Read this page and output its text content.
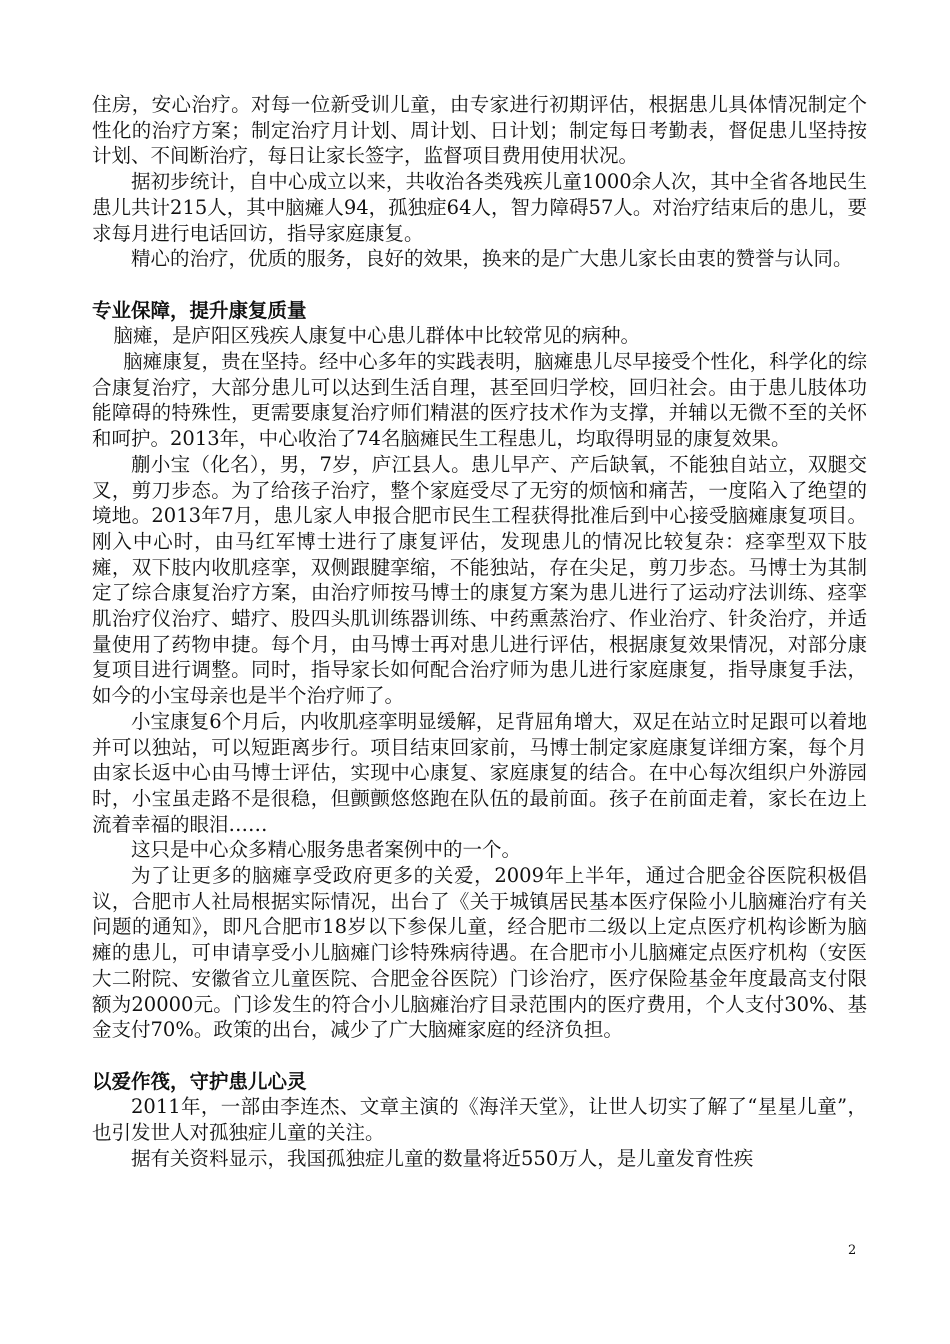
住房，安心治疗。对每一位新受训儿童，由专家进行初期评估，根据患儿具体情况制定个性化的治疗方案；制定治疗月计划、周计划、日计划；制定每日考勤表，督促患儿坚持按计划、不间断治疗，每日让家长签字，监督项目费用使用状况。

据初步统计，自中心成立以来，共收治各类残疾儿童1000余人次，其中全省各地民生患儿共计215人，其中脑瘫人94，孤独症64人，智力障碍57人。对治疗结束后的患儿，要求每月进行电话回访，指导家庭康复。

精心的治疗，优质的服务，良好的效果，换来的是广大患儿家长由衷的赞誉与认同。

专业保障，提升康复质量

脑瘫，是庐阳区残疾人康复中心患儿群体中比较常见的病种。

脑瘫康复，贵在坚持。经中心多年的实践表明，脑瘫患儿尽早接受个性化，科学化的综合康复治疗，大部分患儿可以达到生活自理，甚至回归学校，回归社会。由于患儿肢体功能障碍的特殊性，更需要康复治疗师们精湛的医疗技术作为支撑，并辅以无微不至的关怀和呵护。2013年，中心收治了74名脑瘫民生工程患儿，均取得明显的康复效果。

蒯小宝（化名），男，7岁，庐江县人。患儿早产、产后缺氧，不能独自站立，双腿交叉，剪刀步态。为了给孩子治疗，整个家庭受尽了无穷的烦恼和痛苦，一度陷入了绝望的境地。2013年7月，患儿家人申报合肥市民生工程获得批准后到中心接受脑瘫康复项目。刚入中心时，由马红军博士进行了康复评估，发现患儿的情况比较复杂：痉挛型双下肢瘫，双下肢内收肌痉挛，双侧跟腱挛缩，不能独站，存在尖足，剪刀步态。马博士为其制定了综合康复治疗方案，由治疗师按马博士的康复方案为患儿进行了运动疗法训练、痉挛肌治疗仪治疗、蜡疗、股四头肌训练器训练、中药熏蒸治疗、作业治疗、针灸治疗，并适量使用了药物申捷。每个月，由马博士再对患儿进行评估，根据康复效果情况，对部分康复项目进行调整。同时，指导家长如何配合治疗师为患儿进行家庭康复，指导康复手法，如今的小宝母亲也是半个治疗师了。

小宝康复6个月后，内收肌痉挛明显缓解，足背屈角增大，双足在站立时足跟可以着地并可以独站，可以短距离步行。项目结束回家前，马博士制定家庭康复详细方案，每个月由家长返中心由马博士评估，实现中心康复、家庭康复的结合。在中心每次组织户外游园时，小宝虽走路不是很稳，但颤颤悠悠跑在队伍的最前面。孩子在前面走着，家长在边上流着幸福的眼泪……

这只是中心众多精心服务患者案例中的一个。

为了让更多的脑瘫享受政府更多的关爱，2009年上半年，通过合肥金谷医院积极倡议，合肥市人社局根据实际情况，出台了《关于城镇居民基本医疗保险小儿脑瘫治疗有关问题的通知》，即凡合肥市18岁以下参保儿童，经合肥市二级以上定点医疗机构诊断为脑瘫的患儿，可申请享受小儿脑瘫门诊特殊病待遇。在合肥市小儿脑瘫定点医疗机构（安医大二附院、安徽省立儿童医院、合肥金谷医院）门诊治疗，医疗保险基金年度最高支付限额为20000元。门诊发生的符合小儿脑瘫治疗目录范围内的医疗费用，个人支付30%、基金支付70%。政策的出台，减少了广大脑瘫家庭的经济负担。

以爱作筏，守护患儿心灵

2011年，一部由李连杰、文章主演的《海洋天堂》，让世人切实了解了“星星儿童”，也引发世人对孤独症儿童的关注。

据有关资料显示，我国孤独症儿童的数量将近550万人，是儿童发育性疾

2
